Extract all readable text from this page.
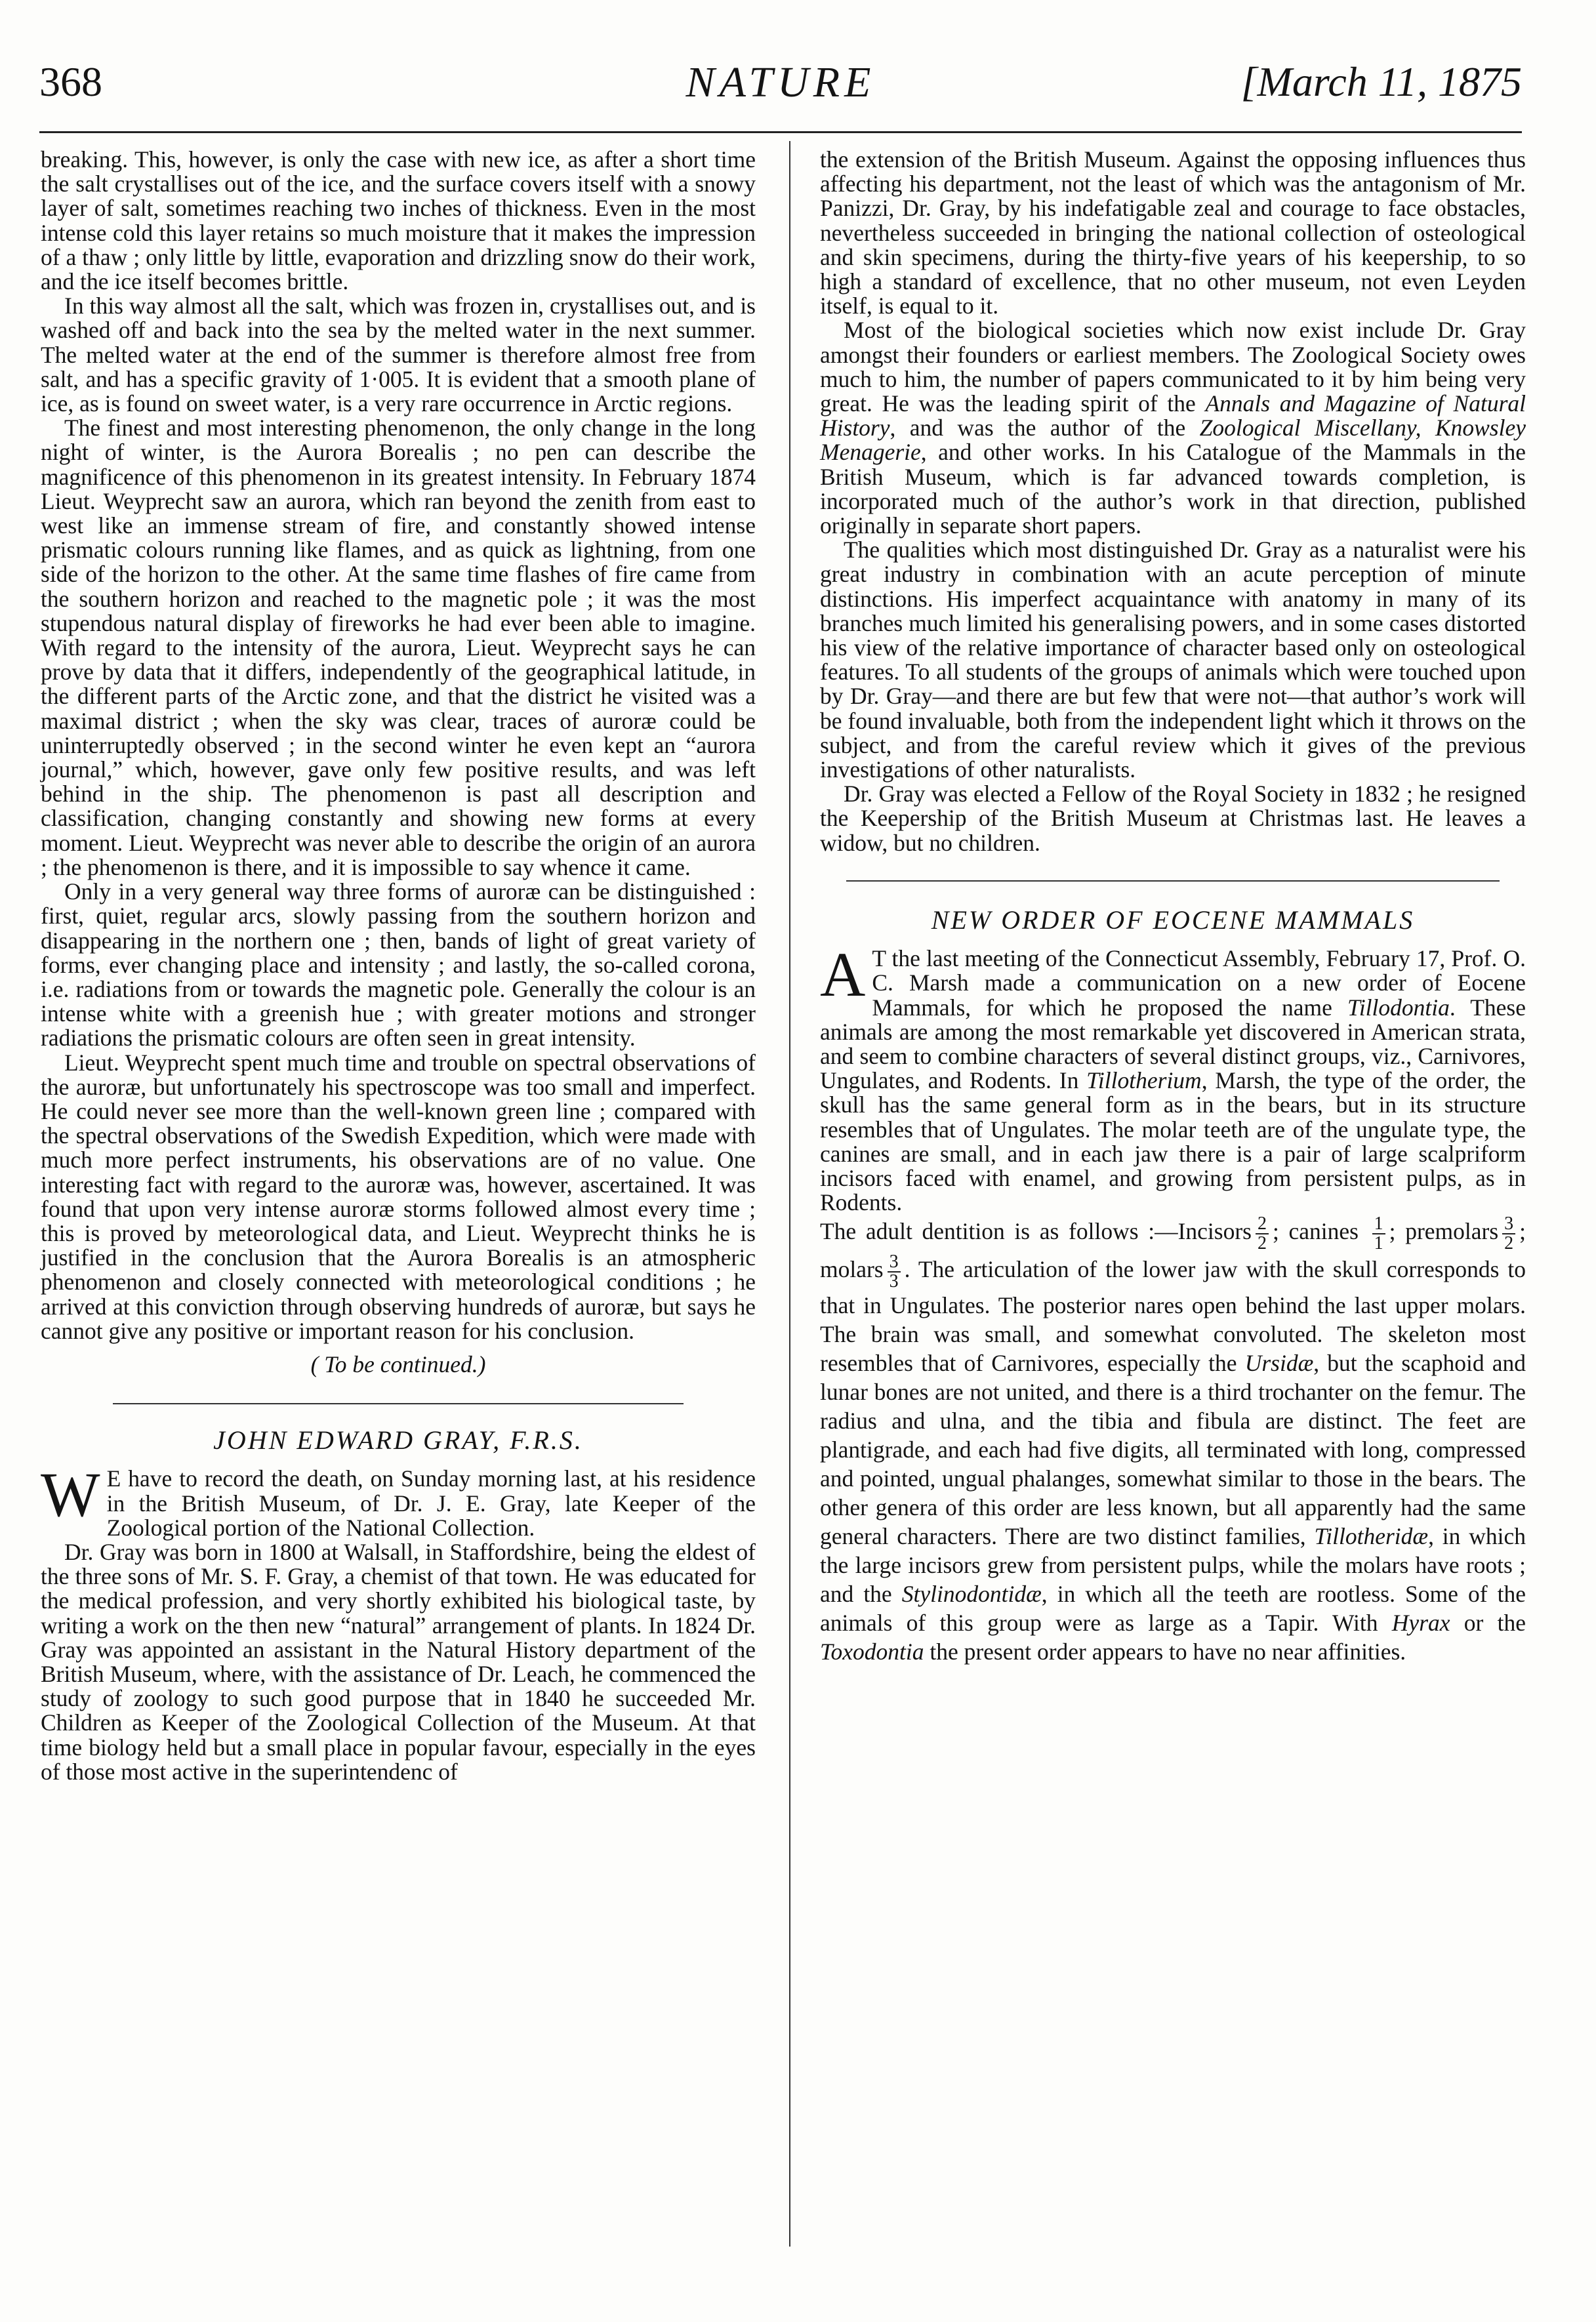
368	NATURE	[March 11, 1875

breaking. This, however, is only the case with new ice, as after a short time the salt crystallises out of the ice, and the surface covers itself with a snowy layer of salt, sometimes reaching two inches of thickness. Even in the most intense cold this layer retains so much moisture that it makes the impression of a thaw ; only little by little, evaporation and drizzling snow do their work, and the ice itself becomes brittle.

In this way almost all the salt, which was frozen in, crystallises out, and is washed off and back into the sea by the melted water in the next summer. The melted water at the end of the summer is therefore almost free from salt, and has a specific gravity of 1·005. It is evident that a smooth plane of ice, as is found on sweet water, is a very rare occurrence in Arctic regions.

The finest and most interesting phenomenon, the only change in the long night of winter, is the Aurora Borealis ; no pen can describe the magnificence of this phenomenon in its greatest intensity. In February 1874 Lieut. Weyprecht saw an aurora, which ran beyond the zenith from east to west like an immense stream of fire, and constantly showed intense prismatic colours running like flames, and as quick as lightning, from one side of the horizon to the other. At the same time flashes of fire came from the southern horizon and reached to the magnetic pole ; it was the most stupendous natural display of fireworks he had ever been able to imagine. With regard to the intensity of the aurora, Lieut. Weyprecht says he can prove by data that it differs, independently of the geographical latitude, in the different parts of the Arctic zone, and that the district he visited was a maximal district ; when the sky was clear, traces of auroræ could be uninterruptedly observed ; in the second winter he even kept an “aurora journal,” which, however, gave only few positive results, and was left behind in the ship. The phenomenon is past all description and classification, changing constantly and showing new forms at every moment. Lieut. Weyprecht was never able to describe the origin of an aurora ; the phenomenon is there, and it is impossible to say whence it came.

Only in a very general way three forms of auroræ can be distinguished : first, quiet, regular arcs, slowly passing from the southern horizon and disappearing in the northern one ; then, bands of light of great variety of forms, ever changing place and intensity ; and lastly, the so-called corona, i.e. radiations from or towards the magnetic pole. Generally the colour is an intense white with a greenish hue ; with greater motions and stronger radiations the prismatic colours are often seen in great intensity.

Lieut. Weyprecht spent much time and trouble on spectral observations of the auroræ, but unfortunately his spectroscope was too small and imperfect. He could never see more than the well-known green line ; compared with the spectral observations of the Swedish Expedition, which were made with much more perfect instruments, his observations are of no value. One interesting fact with regard to the auroræ was, however, ascertained. It was found that upon very intense auroræ storms followed almost every time ; this is proved by meteorological data, and Lieut. Weyprecht thinks he is justified in the conclusion that the Aurora Borealis is an atmospheric phenomenon and closely connected with meteorological conditions ; he arrived at this conviction through observing hundreds of auroræ, but says he cannot give any positive or important reason for his conclusion.

( To be continued.)

JOHN EDWARD GRAY, F.R.S.

W E have to record the death, on Sunday morning last, at his residence in the British Museum, of Dr. J. E. Gray, late Keeper of the Zoological portion of the National Collection.

Dr. Gray was born in 1800 at Walsall, in Staffordshire, being the eldest of the three sons of Mr. S. F. Gray, a chemist of that town. He was educated for the medical profession, and very shortly exhibited his biological taste, by writing a work on the then new “natural” arrangement of plants. In 1824 Dr. Gray was appointed an assistant in the Natural History department of the British Museum, where, with the assistance of Dr. Leach, he commenced the study of zoology to such good purpose that in 1840 he succeeded Mr. Children as Keeper of the Zoological Collection of the Museum. At that time biology held but a small place in popular favour, especially in the eyes of those most active in the superintendenc of

the extension of the British Museum. Against the opposing influences thus affecting his department, not the least of which was the antagonism of Mr. Panizzi, Dr. Gray, by his indefatigable zeal and courage to face obstacles, nevertheless succeeded in bringing the national collection of osteological and skin specimens, during the thirty-five years of his keepership, to so high a standard of excellence, that no other museum, not even Leyden itself, is equal to it.

Most of the biological societies which now exist include Dr. Gray amongst their founders or earliest members. The Zoological Society owes much to him, the number of papers communicated to it by him being very great. He was the leading spirit of the Annals and Magazine of Natural History, and was the author of the Zoological Miscellany, Knowsley Menagerie, and other works. In his Catalogue of the Mammals in the British Museum, which is far advanced towards completion, is incorporated much of the author’s work in that direction, published originally in separate short papers.

The qualities which most distinguished Dr. Gray as a naturalist were his great industry in combination with an acute perception of minute distinctions. His imperfect acquaintance with anatomy in many of its branches much limited his generalising powers, and in some cases distorted his view of the relative importance of character based only on osteological features. To all students of the groups of animals which were touched upon by Dr. Gray—and there are but few that were not—that author’s work will be found invaluable, both from the independent light which it throws on the subject, and from the careful review which it gives of the previous investigations of other naturalists.

Dr. Gray was elected a Fellow of the Royal Society in 1832 ; he resigned the Keepership of the British Museum at Christmas last. He leaves a widow, but no children.

NEW ORDER OF EOCENE MAMMALS

A T the last meeting of the Connecticut Assembly, February 17, Prof. O. C. Marsh made a communication on a new order of Eocene Mammals, for which he proposed the name Tillodontia. These animals are among the most remarkable yet discovered in American strata, and seem to combine characters of several distinct groups, viz., Carnivores, Ungulates, and Rodents. In Tillotherium, Marsh, the type of the order, the skull has the same general form as in the bears, but in its structure resembles that of Ungulates. The molar teeth are of the ungulate type, the canines are small, and in each jaw there is a pair of large scalpriform incisors faced with enamel, and growing from persistent pulps, as in Rodents.

The adult dentition is as follows :—Incisors $\frac{2}{2}$ ; canines $\frac{1}{1}$ ; premolars $\frac{3}{2}$ ; molars $\frac{3}{3}$ . The articulation of the lower jaw with the skull corresponds to that in Ungulates. The posterior nares open behind the last upper molars. The brain was small, and somewhat convoluted. The skeleton most resembles that of Carnivores, especially the Ursidæ, but the scaphoid and lunar bones are not united, and there is a third trochanter on the femur. The radius and ulna, and the tibia and fibula are distinct. The feet are plantigrade, and each had five digits, all terminated with long, compressed and pointed, ungual phalanges, somewhat similar to those in the bears. The other genera of this order are less known, but all apparently had the same general characters. There are two distinct families, Tillotheridæ, in which the large incisors grew from persistent pulps, while the molars have roots ; and the Stylinodontidæ, in which all the teeth are rootless. Some of the animals of this group were as large as a Tapir. With Hyrax or the Toxodontia the present order appears to have no near affinities.
